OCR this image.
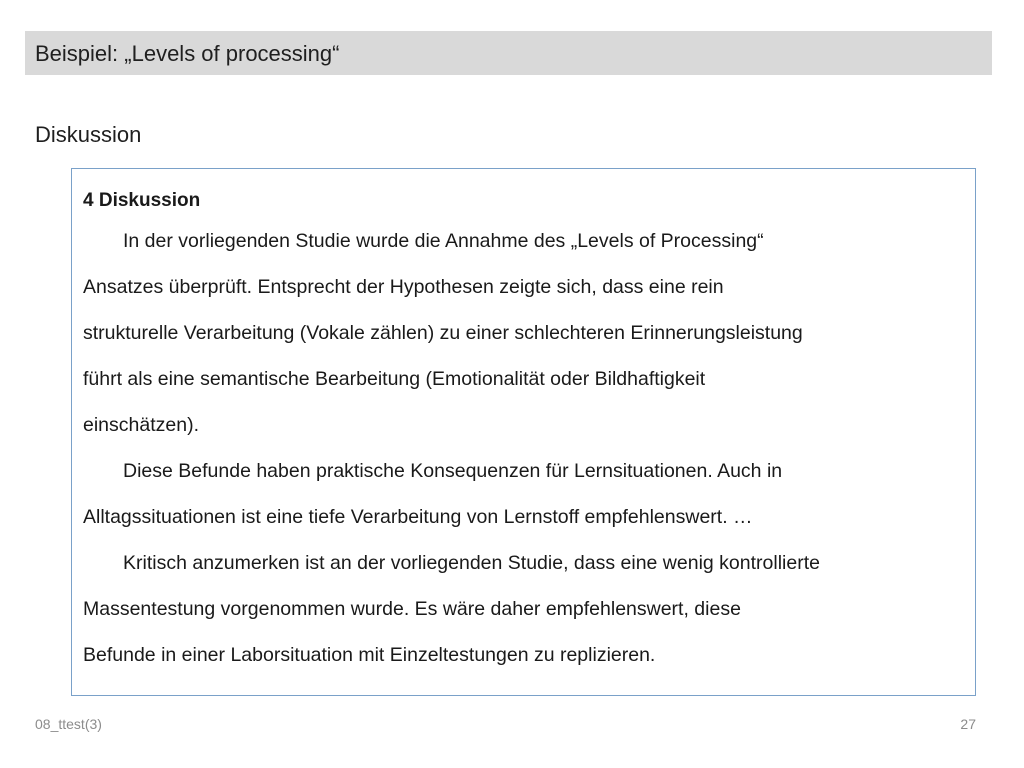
Beispiel: „Levels of processing“
Diskussion
4 Diskussion

In der vorliegenden Studie wurde die Annahme des „Levels of Processing“
Ansatzes überprüft. Entsprecht der Hypothesen zeigte sich, dass eine rein
strukturelle Verarbeitung (Vokale zählen) zu einer schlechteren Erinnerungsleistung
führt als eine semantische Bearbeitung (Emotionalität oder Bildhaftigkeit
einschätzen).

Diese Befunde haben praktische Konsequenzen für Lernsituationen. Auch in
Alltagssituationen ist eine tiefe Verarbeitung von Lernstoff empfehlenswert. …

Kritisch anzumerken ist an der vorliegenden Studie, dass eine wenig kontrollierte
Massentestung vorgenommen wurde. Es wäre daher empfehlenswert, diese
Befunde in einer Laborsituation mit Einzeltestungen zu replizieren.

08_ttest(3)	27
